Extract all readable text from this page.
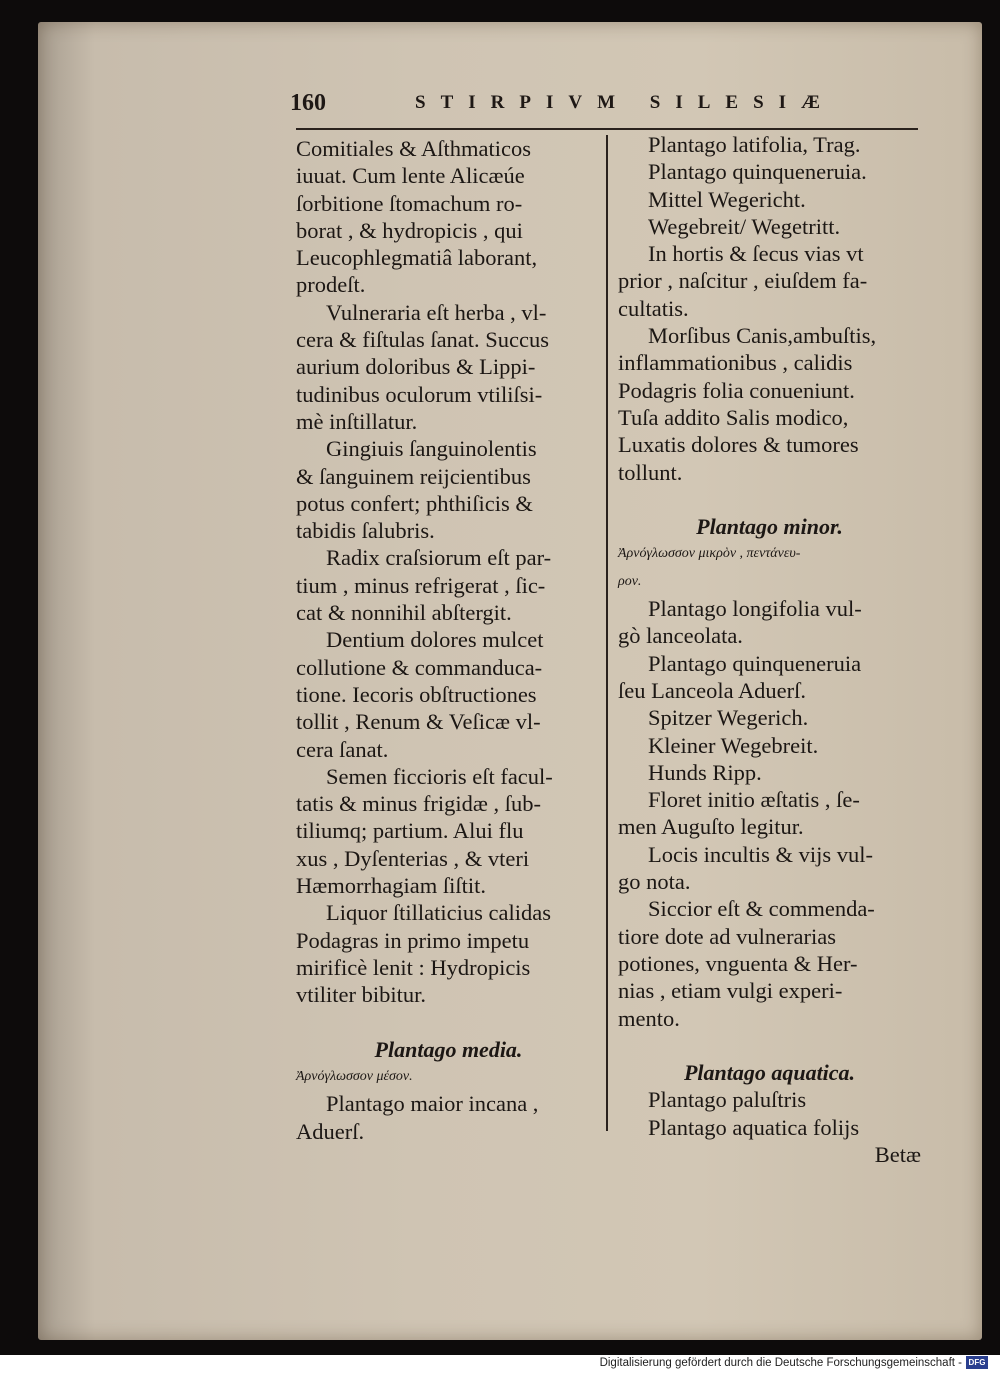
160	STIRPIVM SILESIÆ
Comitiales & Aſthmaticos
iuuat. Cum lente Alicæúe
ſorbitione ſtomachum ro-
borat , & hydropicis , qui
Leucophlegmatiâ laborant,
prodeſt.
Vulneraria eſt herba , vl-
cera & fiſtulas ſanat. Succus
aurium doloribus & Lippi-
tudinibus oculorum vtiliſsi-
mè inſtillatur.
Gingiuis ſanguinolentis
& ſanguinem reijcientibus
potus confert; phthiſicis &
tabidis ſalubris.
Radix craſsiorum eſt par-
tium , minus refrigerat , ſic-
cat & nonnihil abſtergit.
Dentium dolores mulcet
collutione & commanduca-
tione. Iecoris obſtructiones
tollit , Renum & Veſicæ vl-
cera ſanat.
Semen ficcioris eſt facul-
tatis & minus frigidæ , ſub-
tiliumq; partium. Alui flu
xus , Dyſenterias , & vteri
Hæmorrhagiam ſiſtit.
Liquor ſtillaticius calidas
Podagras in primo impetu
mirificè lenit : Hydropicis
vtiliter bibitur.
Plantago media.
Ἀρνόγλωσσον μέσον.
Plantago maior incana ,
Aduerſ.
Plantago latifolia, Trag.
Plantago quinqueneruia.
Mittel Wegericht.
Wegebreit/ Wegetritt.
In hortis & ſecus vias vt
prior , naſcitur , eiuſdem fa-
cultatis.
Morſibus Canis,ambuſtis,
inflammationibus , calidis
Podagris folia conueniunt.
Tuſa addito Salis modico,
Luxatis dolores & tumores
tollunt.
Plantago minor.
Ἀρνόγλωσσον μικρὸν , πεντάνευ-
ρον.
Plantago longifolia vul-
gò lanceolata.
Plantago quinqueneruia
ſeu Lanceola Aduerſ.
Spitzer Wegerich.
Kleiner Wegebreit.
Hunds Ripp.
Floret initio æſtatis , ſe-
men Auguſto legitur.
Locis incultis & vijs vul-
go nota.
Siccior eſt & commenda-
tiore dote ad vulnerarias
potiones, vnguenta & Her-
nias , etiam vulgi experi-
mento.
Plantago aquatica.
Plantago paluſtris
Plantago aquatica folijs
Betæ
Digitalisierung gefördert durch die Deutsche Forschungsgemeinschaft - DFG
